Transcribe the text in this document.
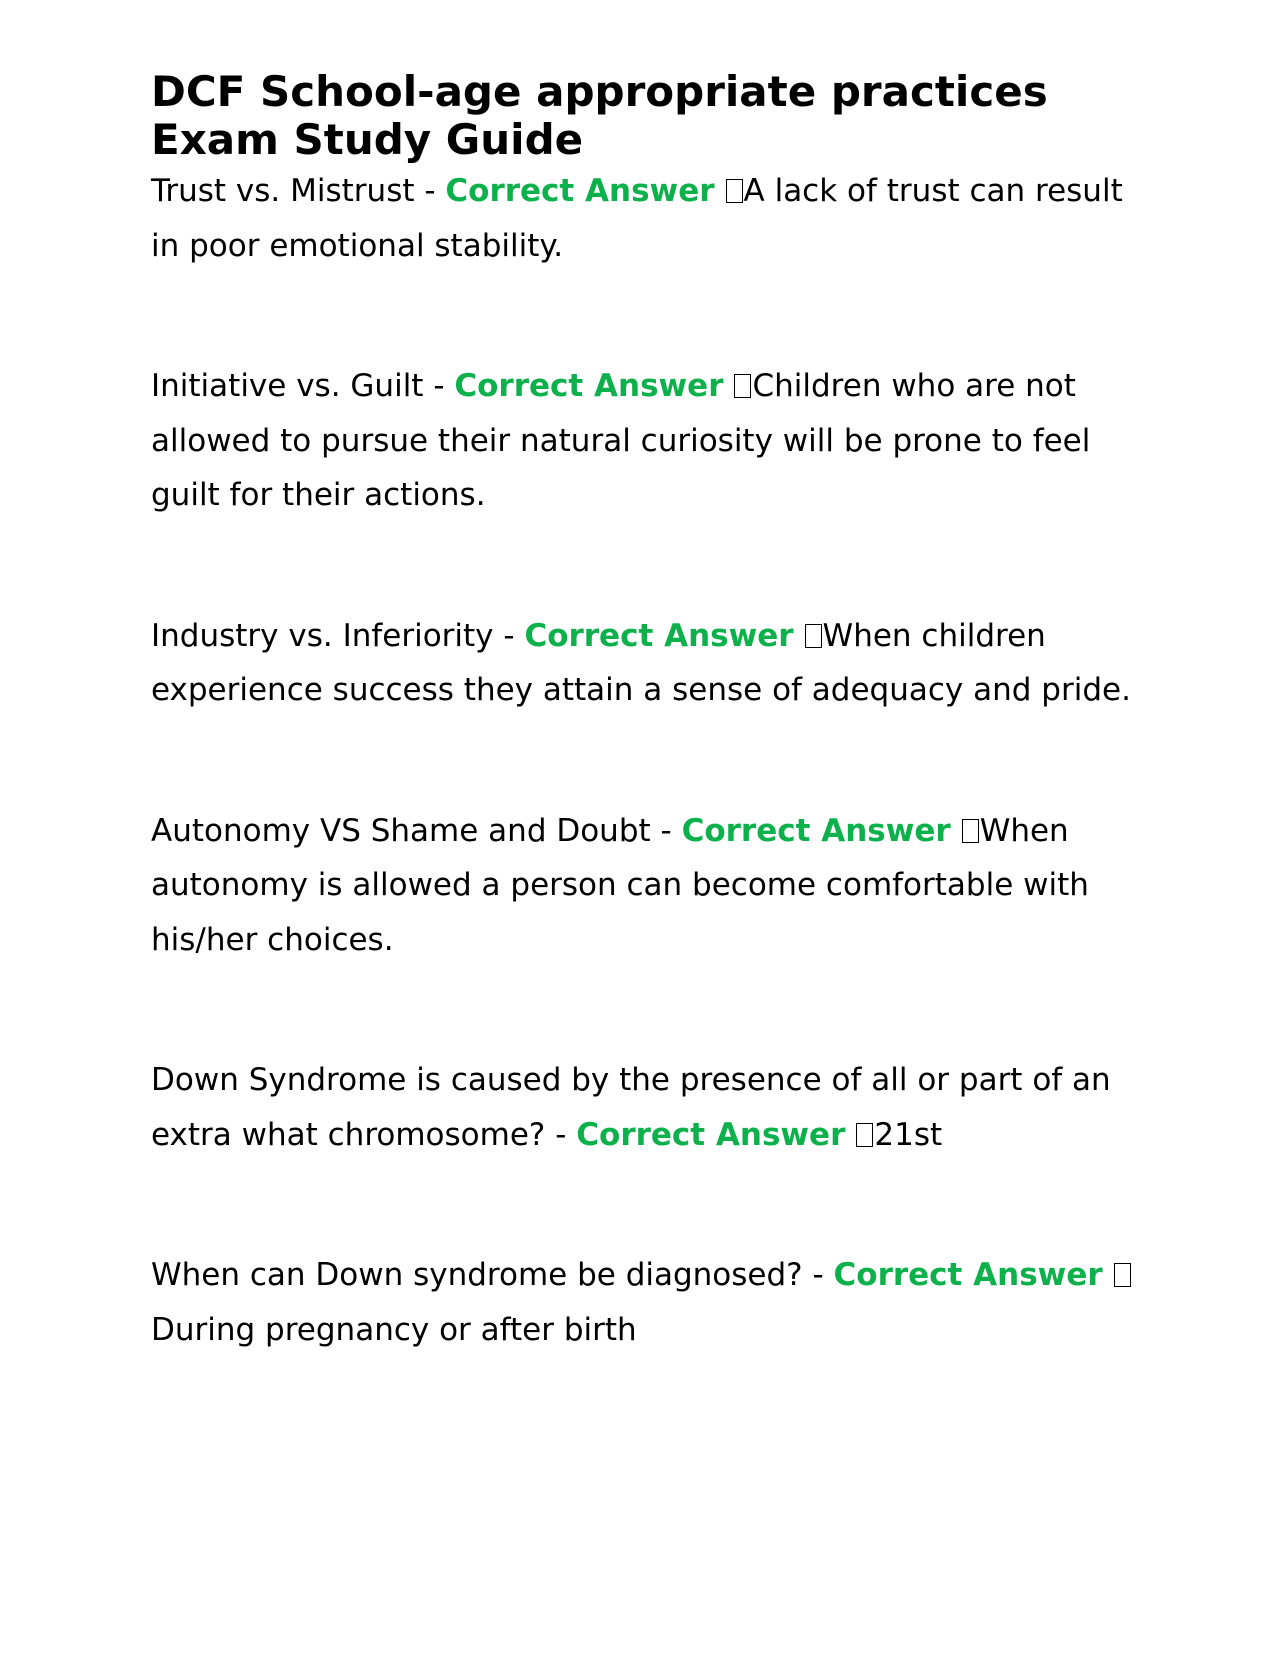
DCF School-age appropriate practices Exam Study Guide

Trust vs. Mistrust - Correct Answer A lack of trust can result in poor emotional stability.

Initiative vs. Guilt - Correct Answer Children who are not allowed to pursue their natural curiosity will be prone to feel guilt for their actions.

Industry vs. Inferiority - Correct Answer When children experience success they attain a sense of adequacy and pride.

Autonomy VS Shame and Doubt - Correct Answer When autonomy is allowed a person can become comfortable with his/her choices.

Down Syndrome is caused by the presence of all or part of an extra what chromosome? - Correct Answer 21st

When can Down syndrome be diagnosed? - Correct AnswerDuring pregnancy or after birth
